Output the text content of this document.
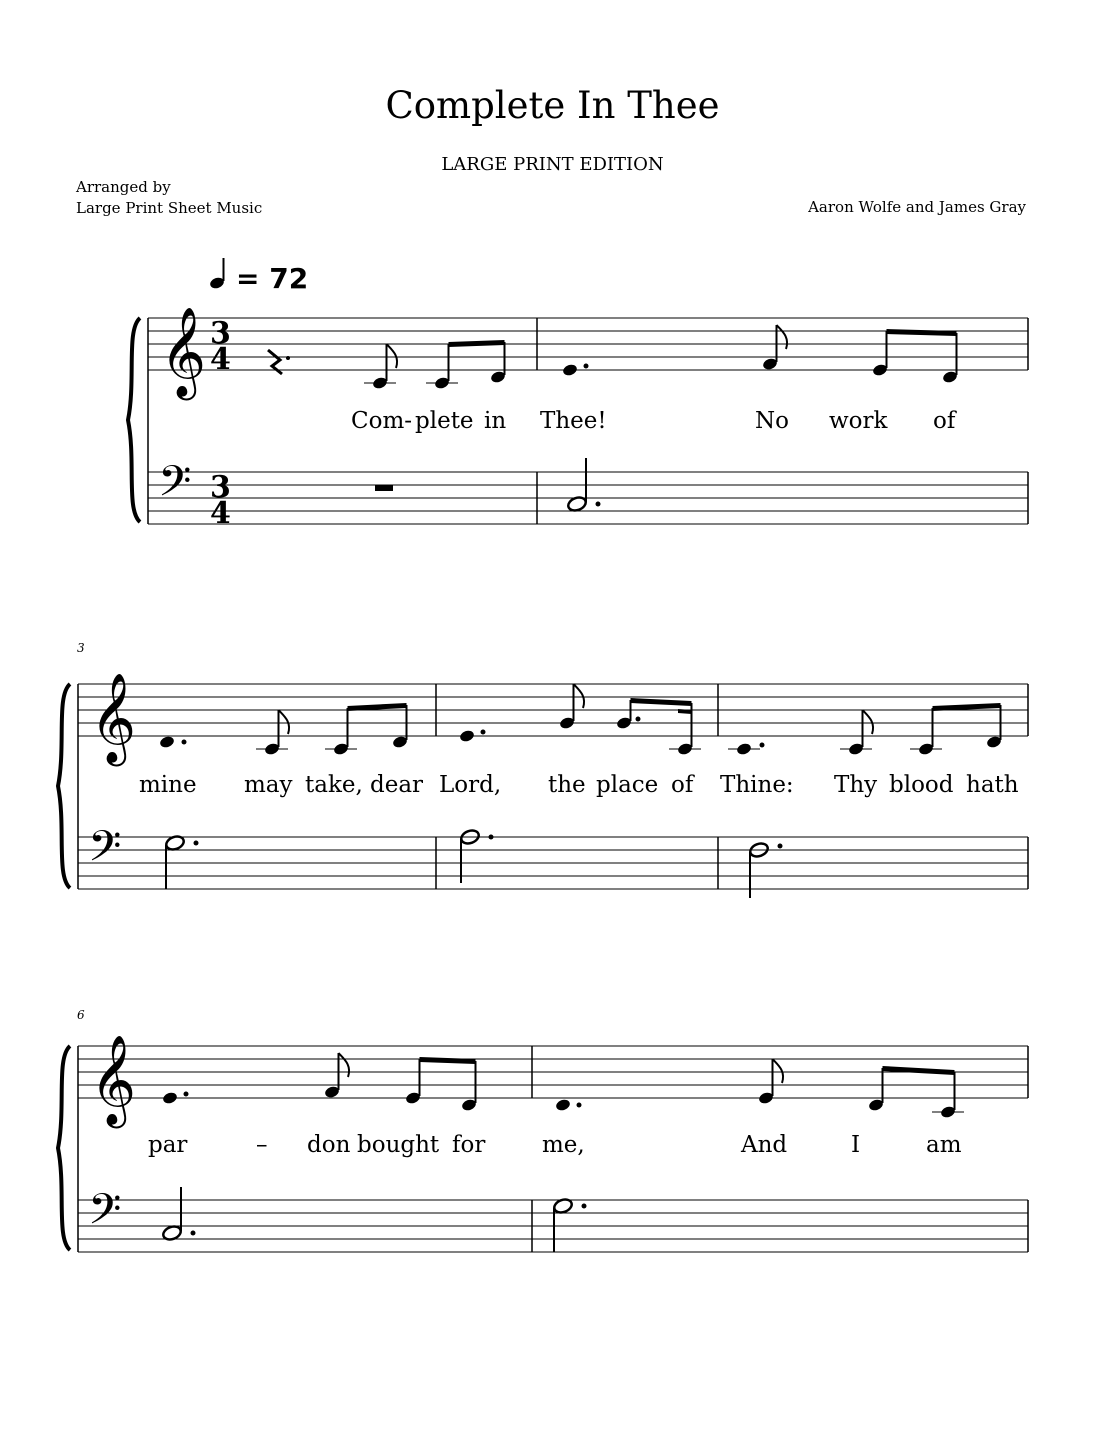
Complete In Thee
LARGE PRINT EDITION
Arranged by
Large Print Sheet Music	Aaron Wolfe and James Gray
= 72
𝄞
𝄢
3
4
3
4
Com- plete in Thee!	No work of
3
𝄞
𝄢
mine may take, dear Lord, the place of Thine: Thy blood hath
6
𝄞
𝄢
par	– don bought for me,	And	I	am
